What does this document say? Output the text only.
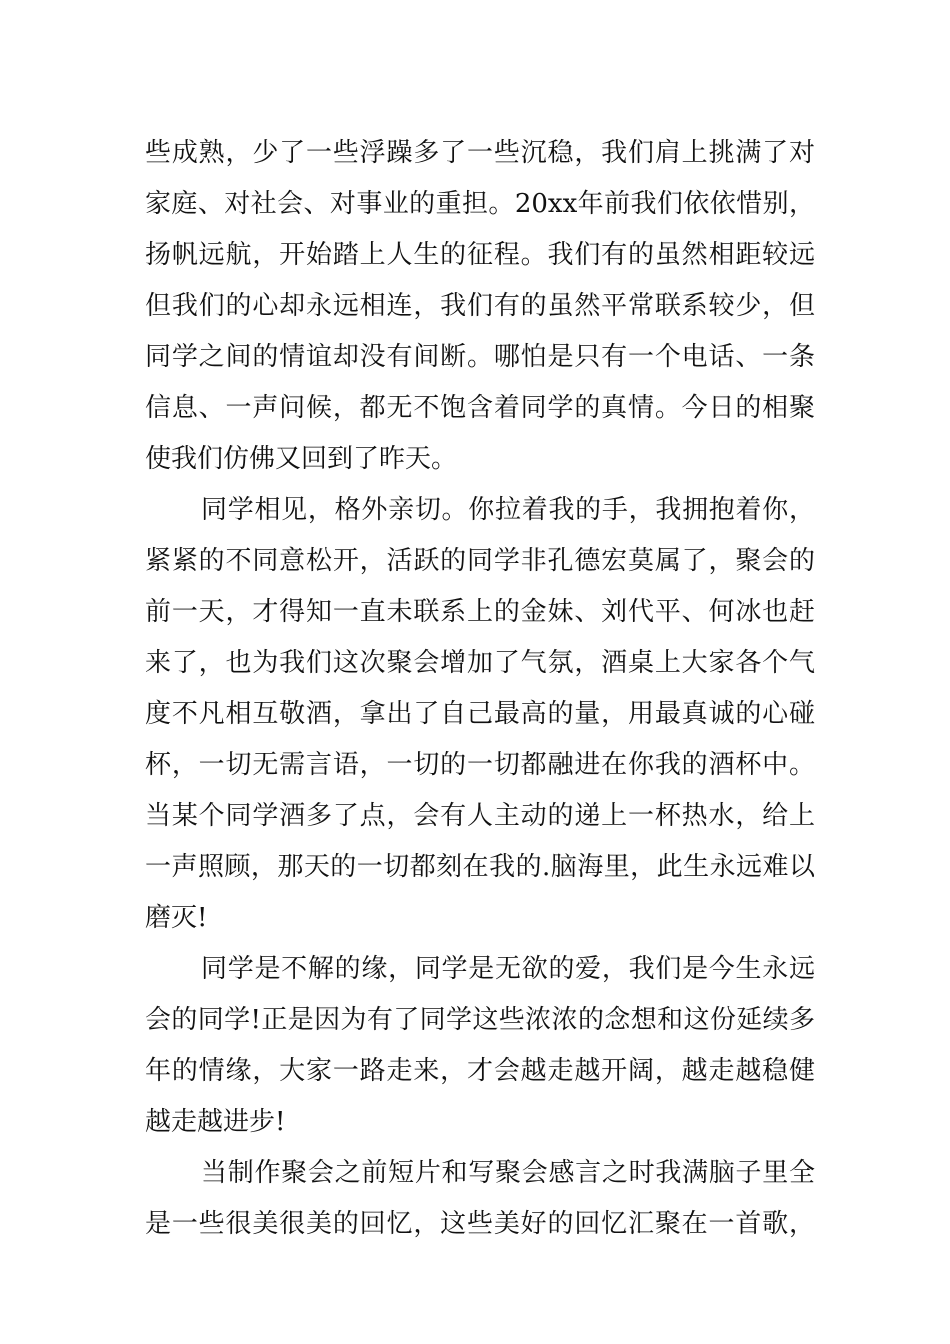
些成熟，少了一些浮躁多了一些沉稳，我们肩上挑满了对
家庭、对社会、对事业的重担。20xx年前我们依依惜别，
扬帆远航，开始踏上人生的征程。我们有的虽然相距较远
但我们的心却永远相连，我们有的虽然平常联系较少，但
同学之间的情谊却没有间断。哪怕是只有一个电话、一条
信息、一声问候，都无不饱含着同学的真情。今日的相聚
使我们仿佛又回到了昨天。
同学相见，格外亲切。你拉着我的手，我拥抱着你，
紧紧的不同意松开，活跃的同学非孔德宏莫属了，聚会的
前一天，才得知一直未联系上的金妹、刘代平、何冰也赶
来了，也为我们这次聚会增加了气氛，酒桌上大家各个气
度不凡相互敬酒，拿出了自己最高的量，用最真诚的心碰
杯，一切无需言语，一切的一切都融进在你我的酒杯中。
当某个同学酒多了点，会有人主动的递上一杯热水，给上
一声照顾，那天的一切都刻在我的.脑海里，此生永远难以
磨灭!
同学是不解的缘，同学是无欲的爱，我们是今生永远
会的同学!正是因为有了同学这些浓浓的念想和这份延续多
年的情缘，大家一路走来，才会越走越开阔，越走越稳健
越走越进步!
当制作聚会之前短片和写聚会感言之时我满脑子里全
是一些很美很美的回忆，这些美好的回忆汇聚在一首歌，
